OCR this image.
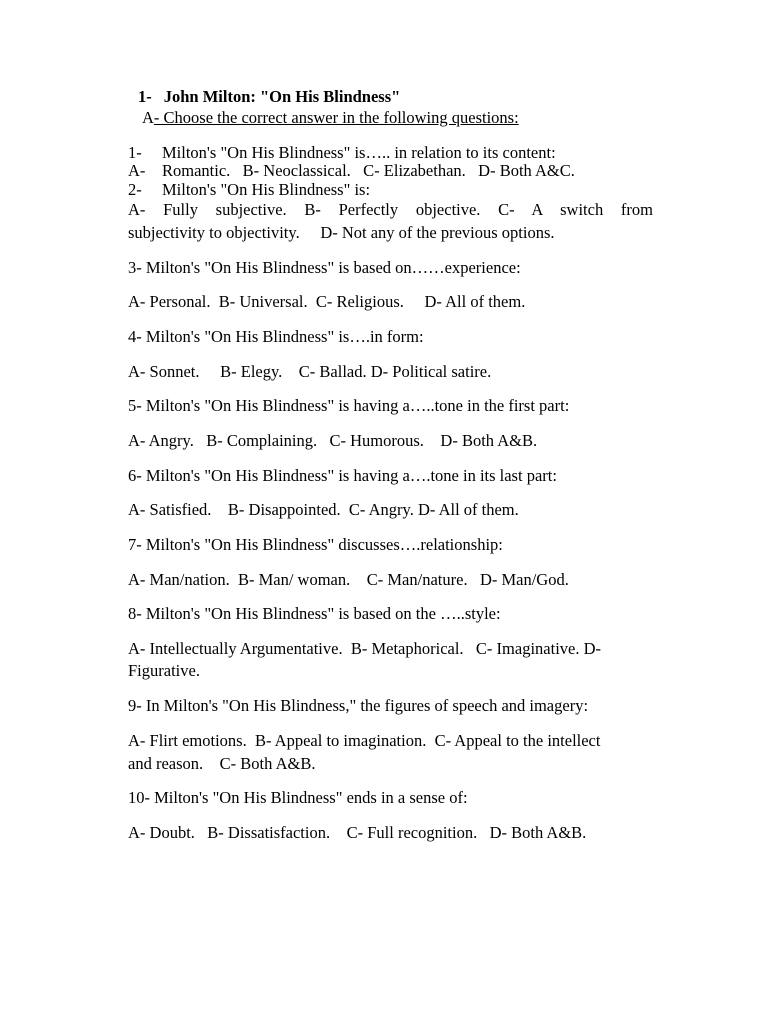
1- John Milton: "On His Blindness"
A- Choose the correct answer in the following questions:
1- Milton's "On His Blindness" is….. in relation to its content:
A- Romantic.   B- Neoclassical.   C- Elizabethan.   D- Both A&C.
2- Milton's "On His Blindness" is:
A- Fully subjective. B- Perfectly objective. C- A switch from
subjectivity to objectivity.     D- Not any of the previous options.
3- Milton's "On His Blindness" is based on……experience:
A- Personal.  B- Universal.  C- Religious.     D- All of them.
4- Milton's "On His Blindness" is….in form:
A- Sonnet.     B- Elegy.    C- Ballad. D- Political satire.
5- Milton's "On His Blindness" is having a…..tone in the first part:
A- Angry.   B- Complaining.   C- Humorous.    D- Both A&B.
6- Milton's "On His Blindness" is having a….tone in its last part:
A- Satisfied.    B- Disappointed.  C- Angry. D- All of them.
7- Milton's "On His Blindness" discusses….relationship:
A- Man/nation.  B- Man/ woman.    C- Man/nature.   D- Man/God.
8- Milton's "On His Blindness" is based on the …..style:
A- Intellectually Argumentative.  B- Metaphorical.   C- Imaginative. D-
Figurative.
9- In Milton's "On His Blindness," the figures of speech and imagery:
A- Flirt emotions.  B- Appeal to imagination.  C- Appeal to the intellect
and reason.    C- Both A&B.
10- Milton's "On His Blindness" ends in a sense of:
A- Doubt.   B- Dissatisfaction.    C- Full recognition.   D- Both A&B.
